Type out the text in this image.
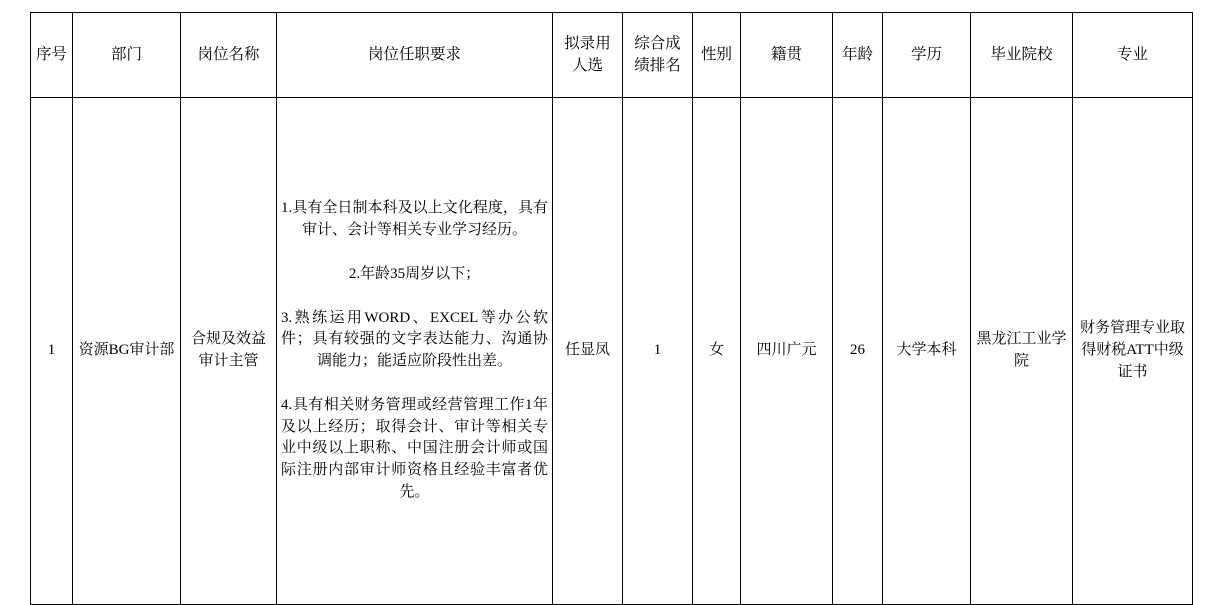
序号	部门	岗位名称	岗位任职要求	拟录用 人选	综合成绩排名	性别	籍贯	年龄	学历	毕业院校	专业
1	资源BG审计部	合规及效益审计主管	1.具有全日制本科及以上文化程度，具有审计、会计等相关专业学习经历。

2.年龄35周岁以下；

3.熟练运用WORD、EXCEL等办公软件；具有较强的文字表达能力、沟通协调能力；能适应阶段性出差。

4.具有相关财务管理或经营管理工作1年及以上经历；取得会计、审计等相关专业中级以上职称、中国注册会计师或国际注册内部审计师资格且经验丰富者优先。	任显凤	1	女	四川广元	26	大学本科	黑龙江工业学院	财务管理专业取得财税ATT中级证书
